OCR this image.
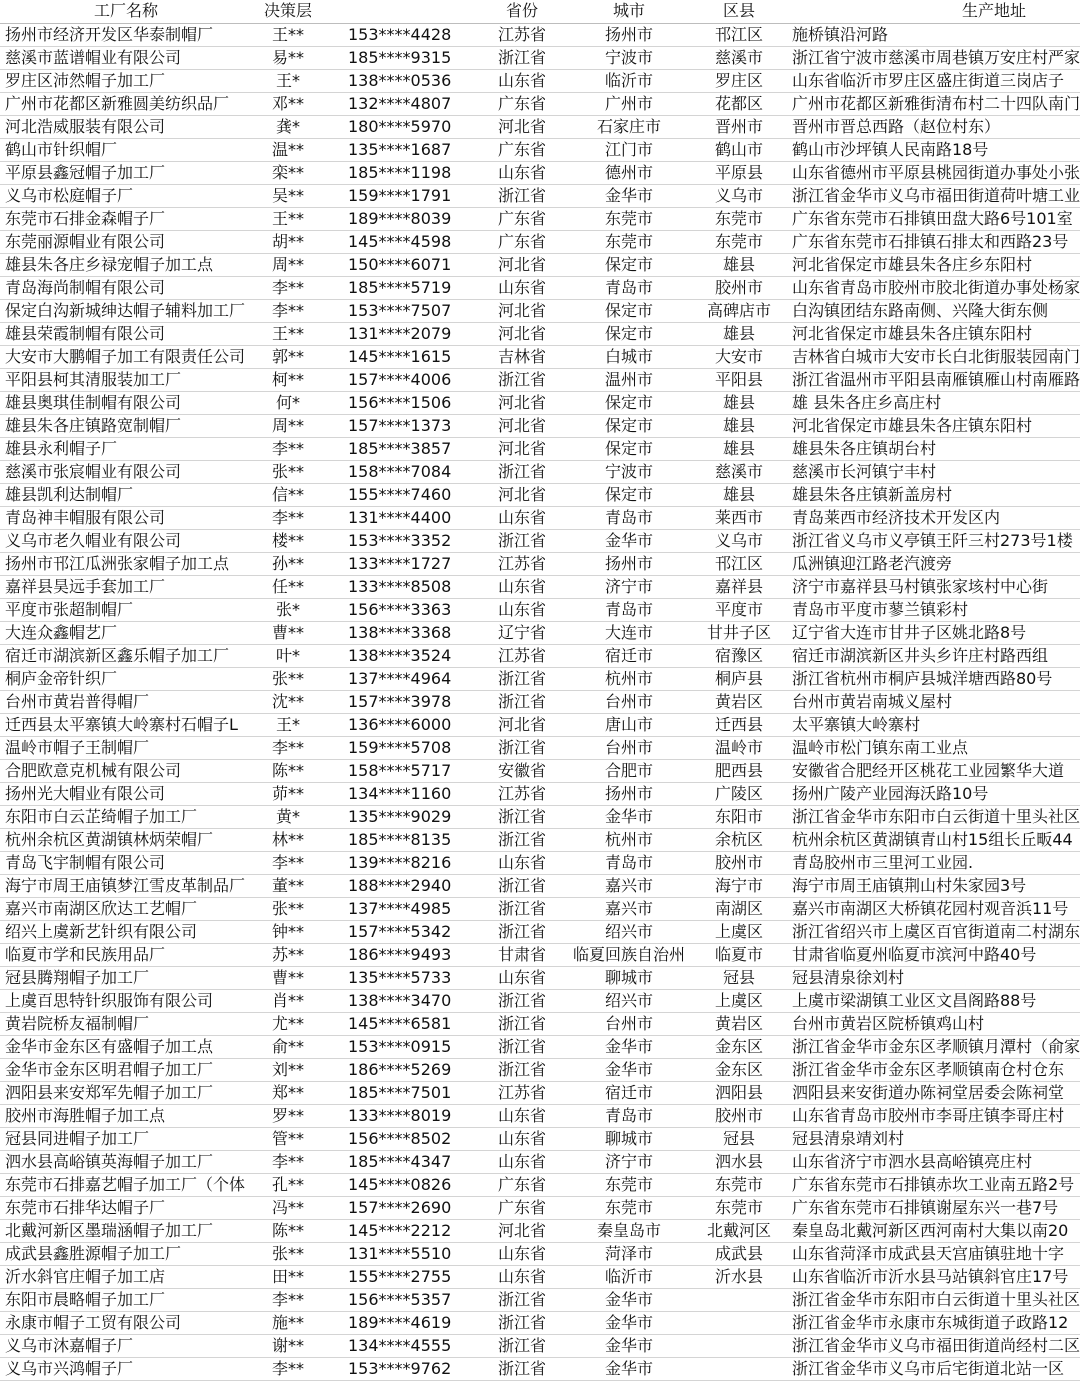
工厂名称	决策层		省份	城市	区县	生产地址
扬州市经济开发区华泰制帽厂	王**	153****4428	江苏省	扬州市	邗江区	施桥镇沿河路
慈溪市蓝谱帽业有限公司	易**	185****9315	浙江省	宁波市	慈溪市	浙江省宁波市慈溪市周巷镇万安庄村严家
罗庄区沛然帽子加工厂	王*	138****0536	山东省	临沂市	罗庄区	山东省临沂市罗庄区盛庄街道三岗店子
广州市花都区新雅圆美纺织品厂	邓**	132****4807	广东省	广州市	花都区	广州市花都区新雅街清布村二十四队南门
河北浩威服装有限公司	龚*	180****5970	河北省	石家庄市	晋州市	晋州市晋总西路（赵位村东）
鹤山市针织帽厂	温**	135****1687	广东省	江门市	鹤山市	鹤山市沙坪镇人民南路18号
平原县鑫冠帽子加工厂	栾**	185****1198	山东省	德州市	平原县	山东省德州市平原县桃园街道办事处小张
义乌市松庭帽子厂	吴**	159****1791	浙江省	金华市	义乌市	浙江省金华市义乌市福田街道荷叶塘工业
东莞市石排金森帽子厂	王**	189****8039	广东省	东莞市	东莞市	广东省东莞市石排镇田盘大路6号101室
东莞丽源帽业有限公司	胡**	145****4598	广东省	东莞市	东莞市	广东省东莞市石排镇石排太和西路23号
雄县朱各庄乡禄宠帽子加工点	周**	150****6071	河北省	保定市	雄县	河北省保定市雄县朱各庄乡东阳村
青岛海尚制帽有限公司	李**	185****5719	山东省	青岛市	胶州市	山东省青岛市胶州市胶北街道办事处杨家
保定白沟新城绅达帽子辅料加工厂	李**	153****7507	河北省	保定市	高碑店市	白沟镇团结东路南侧、兴隆大街东侧
雄县荣霞制帽有限公司	王**	131****2079	河北省	保定市	雄县	河北省保定市雄县朱各庄镇东阳村
大安市大鹏帽子加工有限责任公司	郭**	145****1615	吉林省	白城市	大安市	吉林省白城市大安市长白北街服装园南门
平阳县柯其清服装加工厂	柯**	157****4006	浙江省	温州市	平阳县	浙江省温州市平阳县南雁镇雁山村南雁路
雄县奥琪佳制帽有限公司	何*	156****1506	河北省	保定市	雄县	雄 县朱各庄乡高庄村
雄县朱各庄镇路宽制帽厂	周**	157****1373	河北省	保定市	雄县	河北省保定市雄县朱各庄镇东阳村
雄县永利帽子厂	李**	185****3857	河北省	保定市	雄县	雄县朱各庄镇胡台村
慈溪市张宸帽业有限公司	张**	158****7084	浙江省	宁波市	慈溪市	慈溪市长河镇宁丰村
雄县凯利达制帽厂	信**	155****7460	河北省	保定市	雄县	雄县朱各庄镇新盖房村
青岛神丰帽服有限公司	李**	131****4400	山东省	青岛市	莱西市	青岛莱西市经济技术开发区内
义乌市老久帽业有限公司	楼**	153****3352	浙江省	金华市	义乌市	浙江省义乌市义亭镇王阡三村273号1楼
扬州市邗江瓜洲张家帽子加工点	孙**	133****1727	江苏省	扬州市	邗江区	瓜洲镇迎江路老汽渡旁
嘉祥县昊远手套加工厂	任**	133****8508	山东省	济宁市	嘉祥县	济宁市嘉祥县马村镇张家垓村中心街
平度市张超制帽厂	张*	156****3363	山东省	青岛市	平度市	青岛市平度市蓼兰镇彩村
大连众鑫帽艺厂	曹**	138****3368	辽宁省	大连市	甘井子区	辽宁省大连市甘井子区姚北路8号
宿迁市湖滨新区鑫乐帽子加工厂	叶*	138****3524	江苏省	宿迁市	宿豫区	宿迁市湖滨新区井头乡许庄村路西组
桐庐金帝针织厂	张**	137****4964	浙江省	杭州市	桐庐县	浙江省杭州市桐庐县城洋塘西路80号
台州市黄岩普得帽厂	沈**	157****3978	浙江省	台州市	黄岩区	台州市黄岩南城义屋村
迁西县太平寨镇大岭寨村石帽子L	王*	136****6000	河北省	唐山市	迁西县	太平寨镇大岭寨村
温岭市帽子王制帽厂	李**	159****5708	浙江省	台州市	温岭市	温岭市松门镇东南工业点
合肥欧意克机械有限公司	陈**	158****5717	安徽省	合肥市	肥西县	安徽省合肥经开区桃花工业园繁华大道
扬州光大帽业有限公司	茆**	134****1160	江苏省	扬州市	广陵区	扬州广陵产业园海沃路10号
东阳市白云芷绮帽子加工厂	黄*	135****9029	浙江省	金华市	东阳市	浙江省金华市东阳市白云街道十里头社区
杭州余杭区黄湖镇林炳荣帽厂	林**	185****8135	浙江省	杭州市	余杭区	杭州余杭区黄湖镇青山村15组长丘畈44
青岛飞宇制帽有限公司	李**	139****8216	山东省	青岛市	胶州市	青岛胶州市三里河工业园.
海宁市周王庙镇梦江雪皮革制品厂	董**	188****2940	浙江省	嘉兴市	海宁市	海宁市周王庙镇荆山村朱家园3号
嘉兴市南湖区欣达工艺帽厂	张**	137****4985	浙江省	嘉兴市	南湖区	嘉兴市南湖区大桥镇花园村观音浜11号
绍兴上虞新艺针织有限公司	钟**	157****5342	浙江省	绍兴市	上虞区	浙江省绍兴市上虞区百官街道南二村湖东
临夏市学和民族用品厂	苏**	186****9493	甘肃省	临夏回族自治州	临夏市	甘肃省临夏州临夏市滨河中路40号
冠县腾翔帽子加工厂	曹**	135****5733	山东省	聊城市	冠县	冠县清泉徐刘村
上虞百思特针织服饰有限公司	肖**	138****3470	浙江省	绍兴市	上虞区	上虞市梁湖镇工业区文昌阁路88号
黄岩院桥友福制帽厂	尤**	145****6581	浙江省	台州市	黄岩区	台州市黄岩区院桥镇鸡山村
金华市金东区有盛帽子加工点	俞**	153****0915	浙江省	金华市	金东区	浙江省金华市金东区孝顺镇月潭村（俞家
金华市金东区明君帽子加工厂	刘**	186****5269	浙江省	金华市	金东区	浙江省金华市金东区孝顺镇南仓村仓东
泗阳县来安郑军先帽子加工厂	郑**	185****7501	江苏省	宿迁市	泗阳县	泗阳县来安街道办陈祠堂居委会陈祠堂
胶州市海胜帽子加工点	罗**	133****8019	山东省	青岛市	胶州市	山东省青岛市胶州市李哥庄镇李哥庄村
冠县同进帽子加工厂	管**	156****8502	山东省	聊城市	冠县	冠县清泉靖刘村
泗水县高峪镇英海帽子加工厂	李**	185****4347	山东省	济宁市	泗水县	山东省济宁市泗水县高峪镇亮庄村
东莞市石排嘉艺帽子加工厂（个体	孔**	145****0826	广东省	东莞市	东莞市	广东省东莞市石排镇赤坎工业南五路2号
东莞市石排华达帽子厂	冯**	157****2690	广东省	东莞市	东莞市	广东省东莞市石排镇谢屋东兴一巷7号
北戴河新区墨瑞涵帽子加工厂	陈**	145****2212	河北省	秦皇岛市	北戴河区	秦皇岛北戴河新区西河南村大集以南20
成武县鑫胜源帽子加工厂	张**	131****5510	山东省	菏泽市	成武县	山东省菏泽市成武县天宫庙镇驻地十字
沂水斜官庄帽子加工店	田**	155****2755	山东省	临沂市	沂水县	山东省临沂市沂水县马站镇斜官庄17号
东阳市晨略帽子加工厂	李**	156****5357	浙江省	金华市		浙江省金华市东阳市白云街道十里头社区
永康市帽子工贸有限公司	施**	189****4619	浙江省	金华市		浙江省金华市永康市东城街道子政路12
义乌市沐嘉帽子厂	谢**	134****4555	浙江省	金华市		浙江省金华市义乌市福田街道尚经村二区
义乌市兴鸿帽子厂	李**	153****9762	浙江省	金华市		浙江省金华市义乌市后宅街道北站一区
